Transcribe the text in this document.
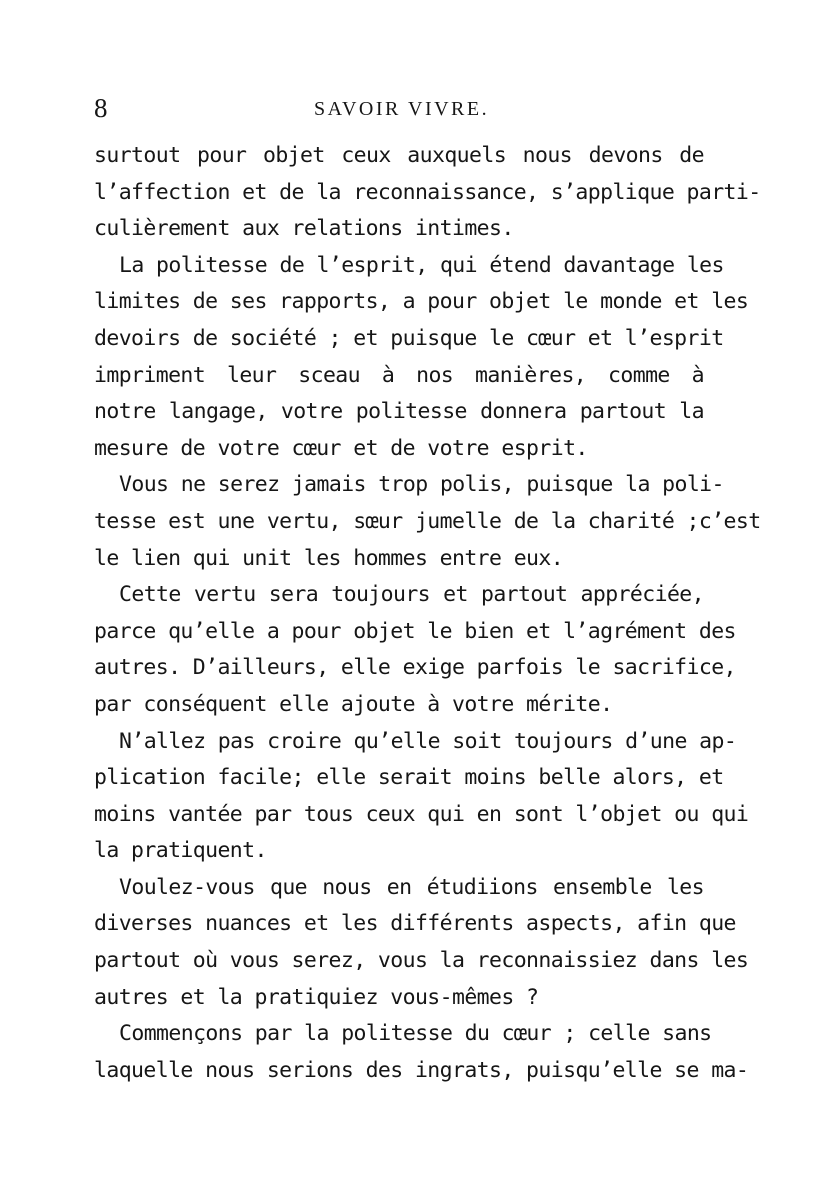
8	SAVOIR VIVRE.
surtout pour objet ceux auxquels nous devons de
l’affection et de la reconnaissance, s’applique parti-
culièrement aux relations intimes.
La politesse de l’esprit, qui étend davantage les
limites de ses rapports, a pour objet le monde et les
devoirs de société ; et puisque le cœur et l’esprit
impriment leur sceau à nos manières, comme à
notre langage, votre politesse donnera partout la
mesure de votre cœur et de votre esprit.
Vous ne serez jamais trop polis, puisque la poli-
tesse est une vertu, sœur jumelle de la charité ;c’est
le lien qui unit les hommes entre eux.
Cette vertu sera toujours et partout appréciée,
parce qu’elle a pour objet le bien et l’agrément des
autres. D’ailleurs, elle exige parfois le sacrifice,
par conséquent elle ajoute à votre mérite.
N’allez pas croire qu’elle soit toujours d’une ap-
plication facile; elle serait moins belle alors, et
moins vantée par tous ceux qui en sont l’objet ou qui
la pratiquent.
Voulez-vous que nous en étudiions ensemble les
diverses nuances et les différents aspects, afin que
partout où vous serez, vous la reconnaissiez dans les
autres et la pratiquiez vous-mêmes ?
Commençons par la politesse du cœur ; celle sans
laquelle nous serions des ingrats, puisqu’elle se ma-
